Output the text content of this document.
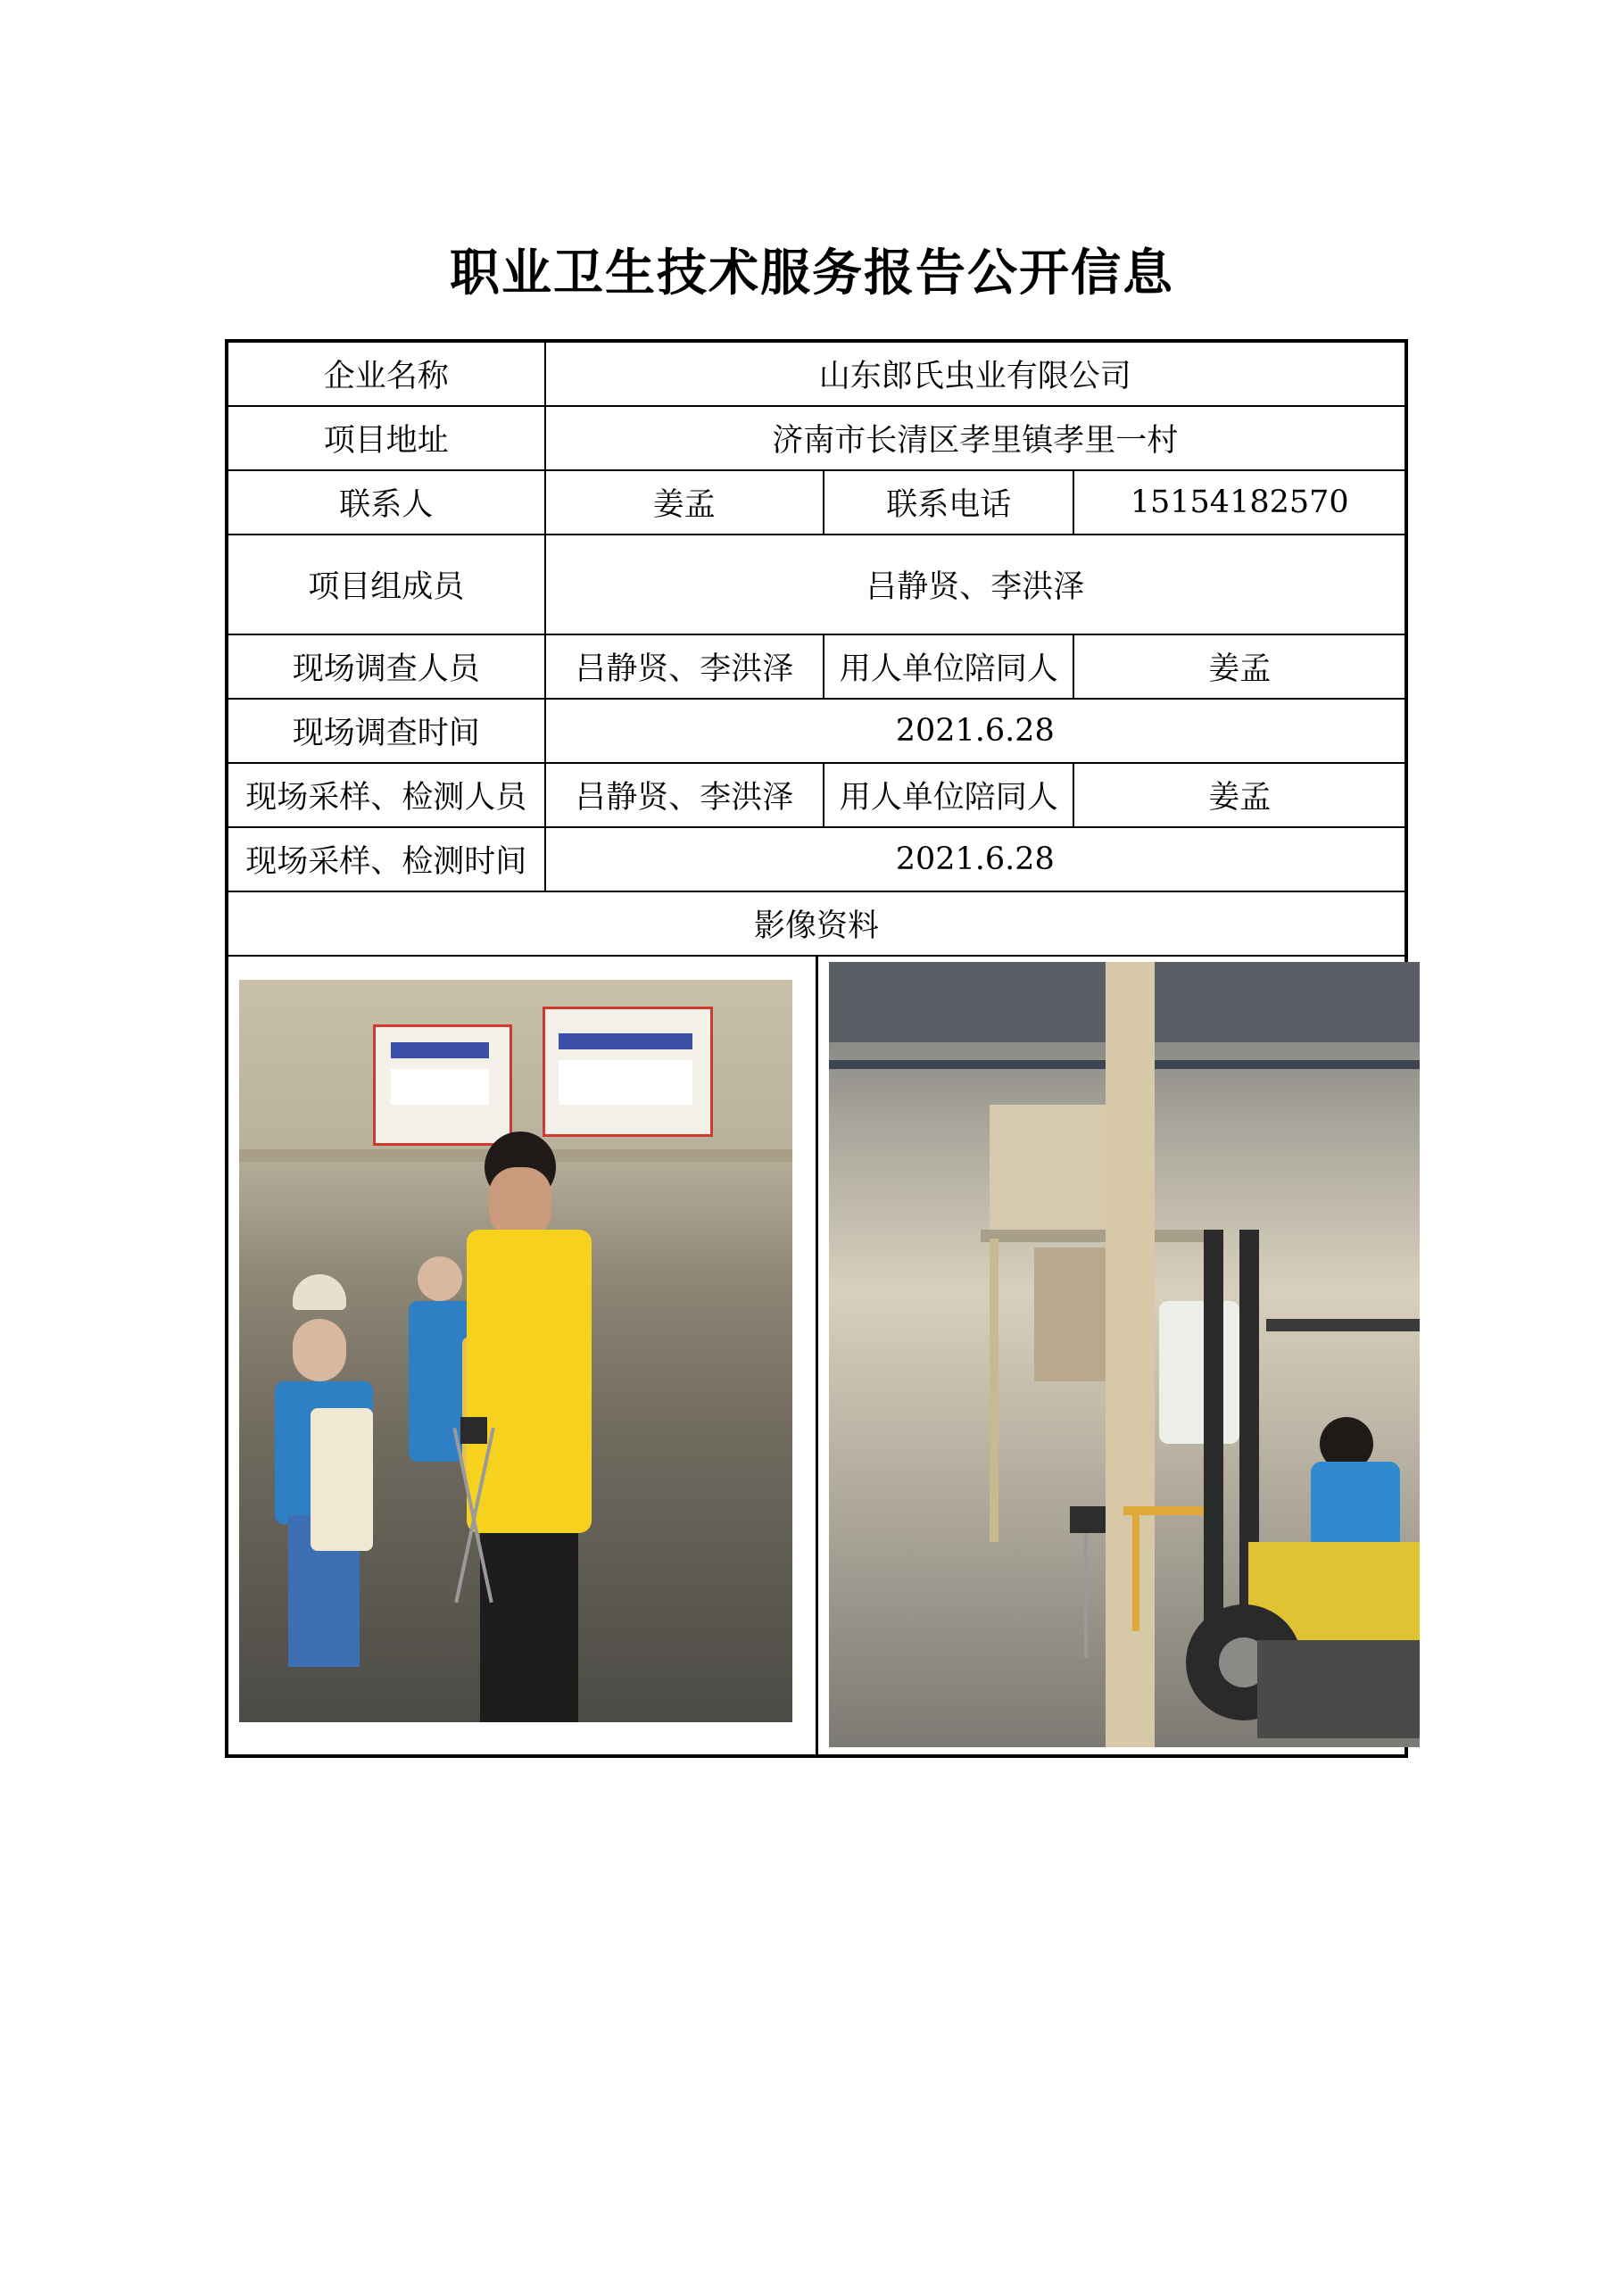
职业卫生技术服务报告公开信息
企业名称	山东郎氏虫业有限公司		
项目地址	济南市长清区孝里镇孝里一村		
联系人	姜孟	联系电话	15154182570
项目组成员	吕静贤、李洪泽		
现场调查人员	吕静贤、李洪泽	用人单位陪同人	姜孟
现场调查时间	2021.6.28		
现场采样、检测人员	吕静贤、李洪泽	用人单位陪同人	姜孟
现场采样、检测时间	2021.6.28		
影像资料			
